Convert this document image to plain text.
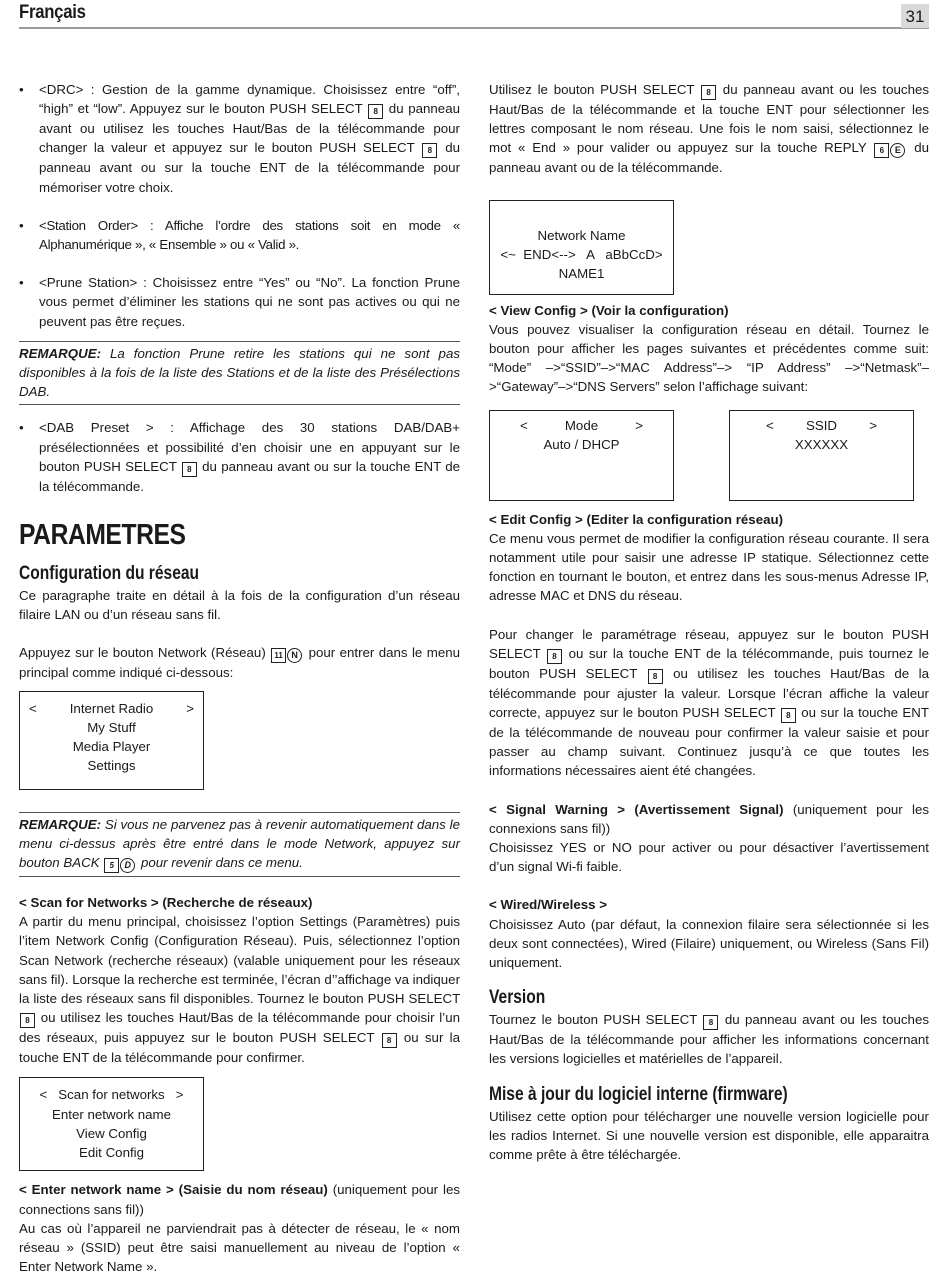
Français	31

• <DRC> : Gestion de la gamme dynamique. Choisissez entre “off”, “high” et “low”. Appuyez sur le bouton PUSH SELECT 8 du panneau avant ou utilisez les touches Haut/Bas de la télécommande pour changer la valeur et appuyez sur le bouton PUSH SELECT 8 du panneau avant ou sur la touche ENT de la télécommande pour mémoriser votre choix.

• <Station Order> : Affiche l’ordre des stations soit en mode « Alphanumérique », « Ensemble » ou « Valid ».

• <Prune Station> : Choisissez entre “Yes” ou “No”. La fonction Prune vous permet d’éliminer les stations qui ne sont pas actives ou qui ne peuvent pas être reçues.

REMARQUE: La fonction Prune retire les stations qui ne sont pas disponibles à la fois de la liste des Stations et de la liste des Présélections DAB.

• <DAB Preset > : Affichage des 30 stations DAB/DAB+ présélectionnées et possibilité d’en choisir une en appuyant sur le bouton PUSH SELECT 8 du panneau avant ou sur la touche ENT de la télécommande.

PARAMETRES
Configuration du réseau

Ce paragraphe traite en détail à la fois de la configuration d’un réseau filaire LAN ou d’un réseau sans fil.

Appuyez sur le bouton Network (Réseau) 11 N pour entrer dans le menu principal comme indiqué ci-dessous:

<	>
Internet Radio
My Stuff
Media Player
Settings

REMARQUE: Si vous ne parvenez pas à revenir automatiquement dans le menu ci-dessus après être entré dans le mode Network, appuyez sur bouton BACK 5 D pour revenir dans ce menu.

< Scan for Networks > (Recherche de réseaux)

A partir du menu principal, choisissez l’option Settings (Paramètres) puis l’item Network Config (Configuration Réseau). Puis, sélectionnez l’option Scan Network (recherche réseaux) (valable uniquement pour les réseaux sans fil). Lorsque la recherche est terminée, l’écran d’’affichage va indiquer la liste des réseaux sans fil disponibles. Tournez le bouton PUSH SELECT 8 ou utilisez les touches Haut/Bas de la télécommande pour choisir l’un des réseaux, puis appuyez sur le bouton PUSH SELECT 8 ou sur la touche ENT de la télécommande pour confirmer.

<   Scan for networks   >
Enter network name
View Config
Edit Config

< Enter network name > (Saisie du nom réseau) (uniquement pour les connections sans fil))

Au cas où l’appareil ne parviendrait pas à détecter de réseau, le « nom réseau » (SSID) peut être saisi manuellement au niveau de l’option « Enter Network Name ».

Utilisez le bouton PUSH SELECT 8 du panneau avant ou les touches Haut/Bas de la télécommande et la touche ENT pour sélectionner les lettres composant le nom réseau. Une fois le nom saisi, sélectionnez le mot « End » pour valider ou appuyez sur la touche REPLY 6 E du panneau avant ou de la télécommande.

Network Name
<~  END<-->   A   aBbCcD>
NAME1

< View Config > (Voir la configuration)

Vous pouvez visualiser la configuration réseau en détail. Tournez le bouton pour afficher les pages suivantes et précédentes comme suit: “Mode” –>“SSID”–>“MAC Address”–> “IP Address” –>“Netmask”–>“Gateway”–>“DNS Servers” selon l’affichage suivant:

<	Mode	>
Auto / DHCP
< SSID >
XXXXXX

< Edit Config > (Editer la configuration réseau)

Ce menu vous permet de modifier la configuration réseau courante. Il sera notamment utile pour saisir une adresse IP statique. Sélectionnez cette fonction en tournant le bouton, et entrez dans les sous-menus Adresse IP, adresse MAC et DNS du réseau.

Pour changer le paramétrage réseau, appuyez sur le bouton PUSH SELECT 8 ou sur la touche ENT de la télécommande, puis tournez le bouton PUSH SELECT 8 ou utilisez les touches Haut/Bas de la télécommande pour ajuster la valeur. Lorsque l’écran affiche la valeur correcte, appuyez sur le bouton PUSH SELECT 8 ou sur la touche ENT de la télécommande de nouveau pour confirmer la valeur saisie et pour passer au champ suivant. Continuez jusqu’à ce que toutes les informations nécessaires aient été changées.

< Signal Warning > (Avertissement Signal) (uniquement pour les connexions sans fil))

Choisissez YES or NO pour activer ou pour désactiver l’avertissement d’un signal Wi-fi faible.

< Wired/Wireless >

Choisissez Auto (par défaut, la connexion filaire sera sélectionnée si les deux sont connectées), Wired (Filaire) uniquement, ou Wireless (Sans Fil) uniquement.

Version

Tournez le bouton PUSH SELECT 8 du panneau avant ou les touches Haut/Bas de la télécommande pour afficher les informations concernant les versions logicielles et matérielles de l’appareil.

Mise à jour du logiciel interne (firmware)

Utilisez cette option pour télécharger une nouvelle version logicielle pour les radios Internet. Si une nouvelle version est disponible, elle apparaitra comme prête à être téléchargée.
